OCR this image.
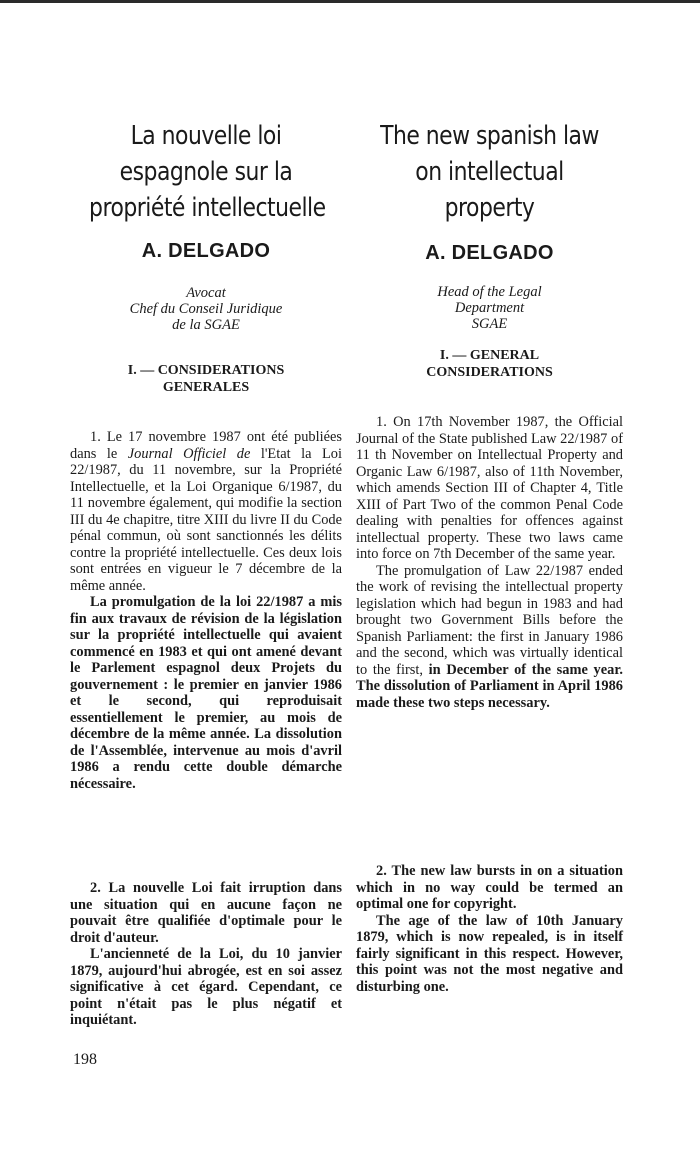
La nouvelle loi
espagnole sur la
propriété intellectuelle
A. DELGADO
Avocat
Chef du Conseil Juridique
de la SGAE
I. — CONSIDERATIONS
GENERALES

1. Le 17 novembre 1987 ont été publiées dans le Journal Officiel de l'Etat la Loi 22/1987, du 11 novembre, sur la Propriété Intellectuelle, et la Loi Organique 6/1987, du 11 novembre également, qui modifie la section III du 4e chapitre, titre XIII du livre II du Code pénal commun, où sont sanctionnés les délits contre la propriété intellectuelle. Ces deux lois sont entrées en vigueur le 7 décembre de la même année.

La promulgation de la loi 22/1987 a mis fin aux travaux de révision de la législation sur la propriété intellectuelle qui avaient commencé en 1983 et qui ont amené devant le Parlement espagnol deux Projets du gouvernement : le premier en janvier 1986 et le second, qui reproduisait essentiellement le premier, au mois de décembre de la même année. La dissolution de l'Assemblée, intervenue au mois d'avril 1986 a rendu cette double démarche nécessaire.

2. La nouvelle Loi fait irruption dans une situation qui en aucune façon ne pouvait être qualifiée d'optimale pour le droit d'auteur.

L'ancienneté de la Loi, du 10 janvier 1879, aujourd'hui abrogée, est en soi assez significative à cet égard. Cependant, ce point n'était pas le plus négatif et inquiétant.

The new spanish law
on intellectual
property
A. DELGADO
Head of the Legal
Department
SGAE
I. — GENERAL
CONSIDERATIONS

1. On 17th November 1987, the Official Journal of the State published Law 22/1987 of 11 th November on Intellectual Property and Organic Law 6/1987, also of 11th November, which amends Section III of Chapter 4, Title XIII of Part Two of the common Penal Code dealing with penalties for offences against intellectual property. These two laws came into force on 7th December of the same year.

The promulgation of Law 22/1987 ended the work of revising the intellectual property legislation which had begun in 1983 and had brought two Government Bills before the Spanish Parliament: the first in January 1986 and the second, which was virtually identical to the first, in December of the same year. The dissolution of Parliament in April 1986 made these two steps necessary.

2. The new law bursts in on a situation which in no way could be termed an optimal one for copyright.

The age of the law of 10th January 1879, which is now repealed, is in itself fairly significant in this respect. However, this point was not the most negative and disturbing one.

198
